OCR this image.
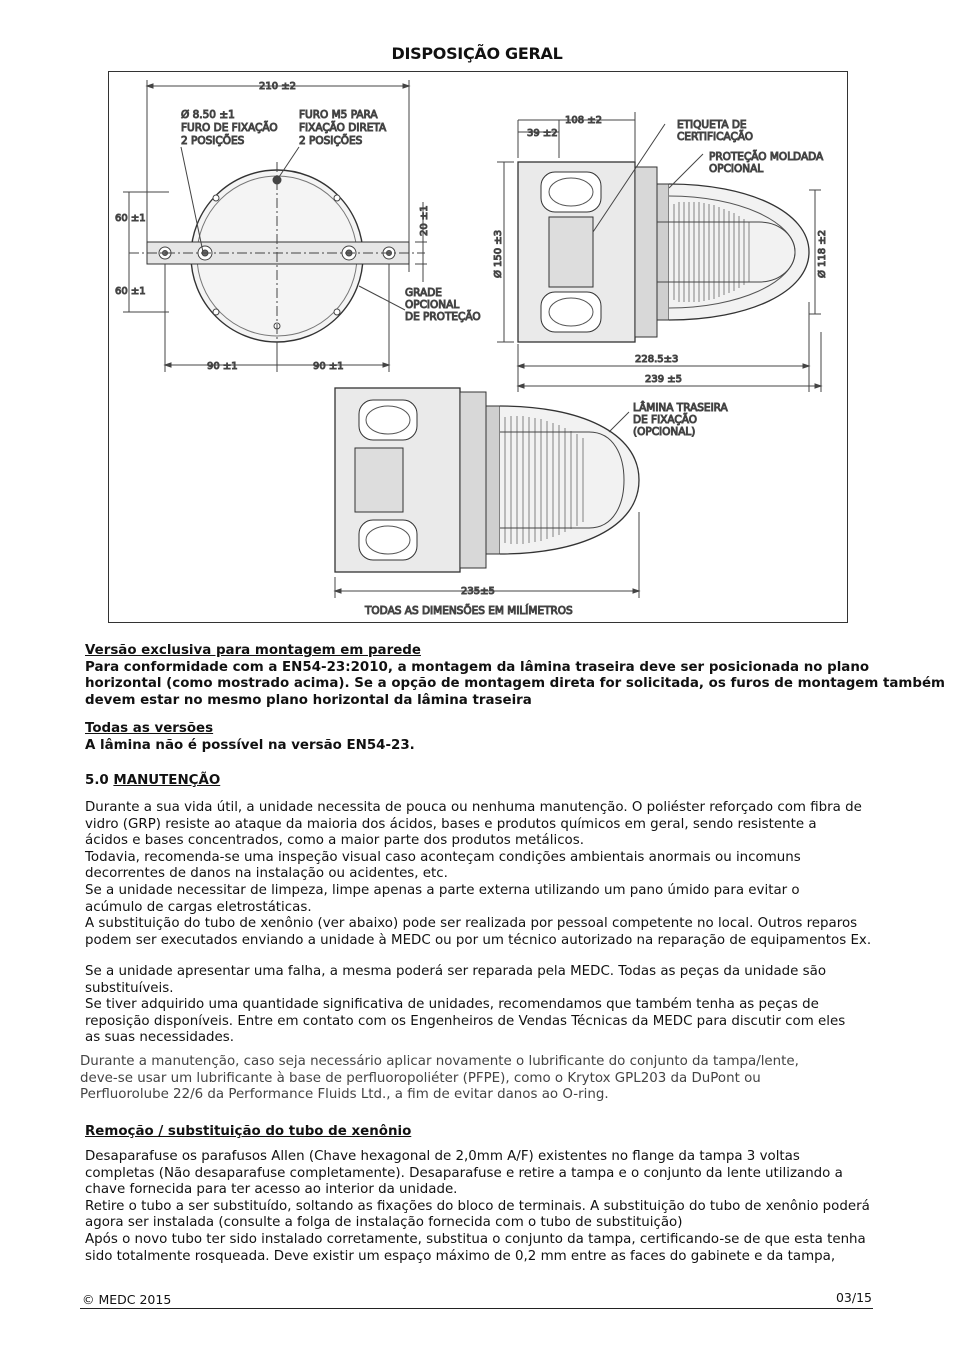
DISPOSIÇÃO GERAL
210 ±2
Ø 8.50 ±1
FURO DE FIXAÇÃO
2 POSIÇÕES
FURO M5 PARA
FIXAÇÃO DIRETA
2 POSIÇÕES
60 ±1
60 ±1
20 ±1
GRADE
OPCIONAL
DE PROTEÇÃO
90 ±1	90 ±1
108 ±2
39 ±2
ETIQUETA DE
CERTIFICAÇÃO
PROTEÇÃO MOLDADA
OPCIONAL
Ø 150 ±3	Ø 118 ±2
228.5±3
239 ±5
LÂMINA TRASEIRA
DE FIXAÇÃO
(OPCIONAL)
235±5
TODAS AS DIMENSÕES EM MILÍMETROS
Versão exclusiva para montagem em parede
Para conformidade com a EN54-23:2010, a montagem da lâmina traseira deve ser posicionada no plano
horizontal (como mostrado acima). Se a opção de montagem direta for solicitada, os furos de montagem também
devem estar no mesmo plano horizontal da lâmina traseira
Todas as versões
A lâmina não é possível na versão EN54-23.
5.0 MANUTENÇÃO
Durante a sua vida útil, a unidade necessita de pouca ou nenhuma manutenção. O poliéster reforçado com fibra de
vidro (GRP) resiste ao ataque da maioria dos ácidos, bases e produtos químicos em geral, sendo resistente a
ácidos e bases concentrados, como a maior parte dos produtos metálicos.
Todavia, recomenda-se uma inspeção visual caso aconteçam condições ambientais anormais ou incomuns
decorrentes de danos na instalação ou acidentes, etc.
Se a unidade necessitar de limpeza, limpe apenas a parte externa utilizando um pano úmido para evitar o
acúmulo de cargas eletrostáticas.
A substituição do tubo de xenônio (ver abaixo) pode ser realizada por pessoal competente no local. Outros reparos
podem ser executados enviando a unidade à MEDC ou por um técnico autorizado na reparação de equipamentos Ex.
Se a unidade apresentar uma falha, a mesma poderá ser reparada pela MEDC. Todas as peças da unidade são
substituíveis.
Se tiver adquirido uma quantidade significativa de unidades, recomendamos que também tenha as peças de
reposição disponíveis. Entre em contato com os Engenheiros de Vendas Técnicas da MEDC para discutir com eles
as suas necessidades.
Durante a manutenção, caso seja necessário aplicar novamente o lubrificante do conjunto da tampa/lente,
deve-se usar um lubrificante à base de perfluoropoliéter (PFPE), como o Krytox GPL203 da DuPont ou
Perfluorolube 22/6 da Performance Fluids Ltd., a fim de evitar danos ao O-ring.
Remoção / substituição do tubo de xenônio
Desaparafuse os parafusos Allen (Chave hexagonal de 2,0mm A/F) existentes no flange da tampa 3 voltas
completas (Não desaparafuse completamente). Desaparafuse e retire a tampa e o conjunto da lente utilizando a
chave fornecida para ter acesso ao interior da unidade.
Retire o tubo a ser substituído, soltando as fixações do bloco de terminais. A substituição do tubo de xenônio poderá
agora ser instalada (consulte a folga de instalação fornecida com o tubo de substituição)
Após o novo tubo ter sido instalado corretamente, substitua o conjunto da tampa, certificando-se de que esta tenha
sido totalmente rosqueada. Deve existir um espaço máximo de 0,2 mm entre as faces do gabinete e da tampa,
© MEDC 2015	03/15
